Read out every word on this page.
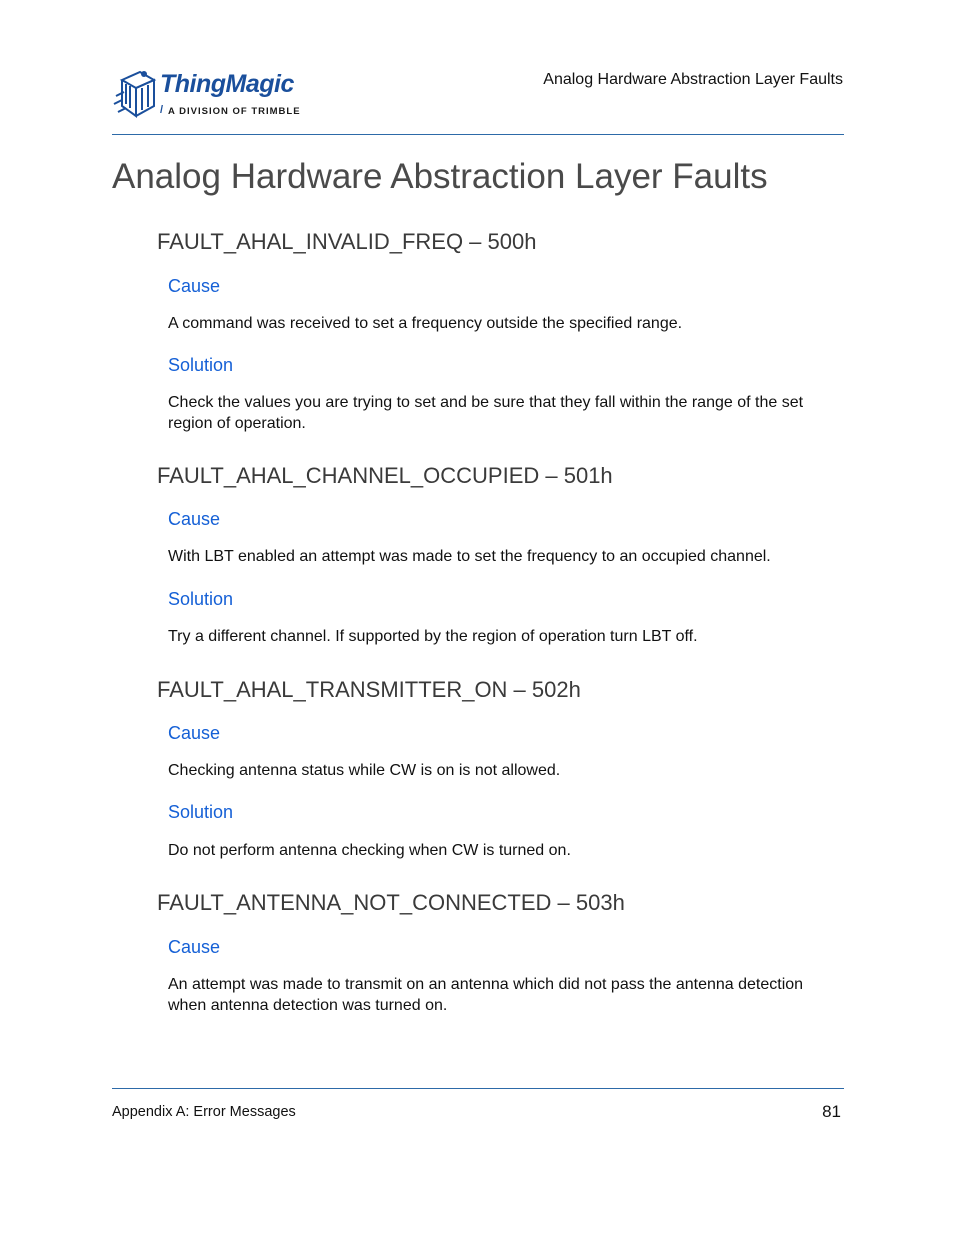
ThingMagic
/ A DIVISION OF TRIMBLE
Analog Hardware Abstraction Layer Faults
Analog Hardware Abstraction Layer Faults
FAULT_AHAL_INVALID_FREQ – 500h
Cause

A command was received to set a frequency outside the specified range.

Solution

Check the values you are trying to set and be sure that they fall within the range of the set region of operation.

FAULT_AHAL_CHANNEL_OCCUPIED – 501h
Cause

With LBT enabled an attempt was made to set the frequency to an occupied channel.

Solution

Try a different channel. If supported by the region of operation turn LBT off.

FAULT_AHAL_TRANSMITTER_ON – 502h
Cause

Checking antenna status while CW is on is not allowed.

Solution

Do not perform antenna checking when CW is turned on.

FAULT_ANTENNA_NOT_CONNECTED – 503h
Cause

An attempt was made to transmit on an antenna which did not pass the antenna detection when antenna detection was turned on.

Appendix A: Error Messages	81
